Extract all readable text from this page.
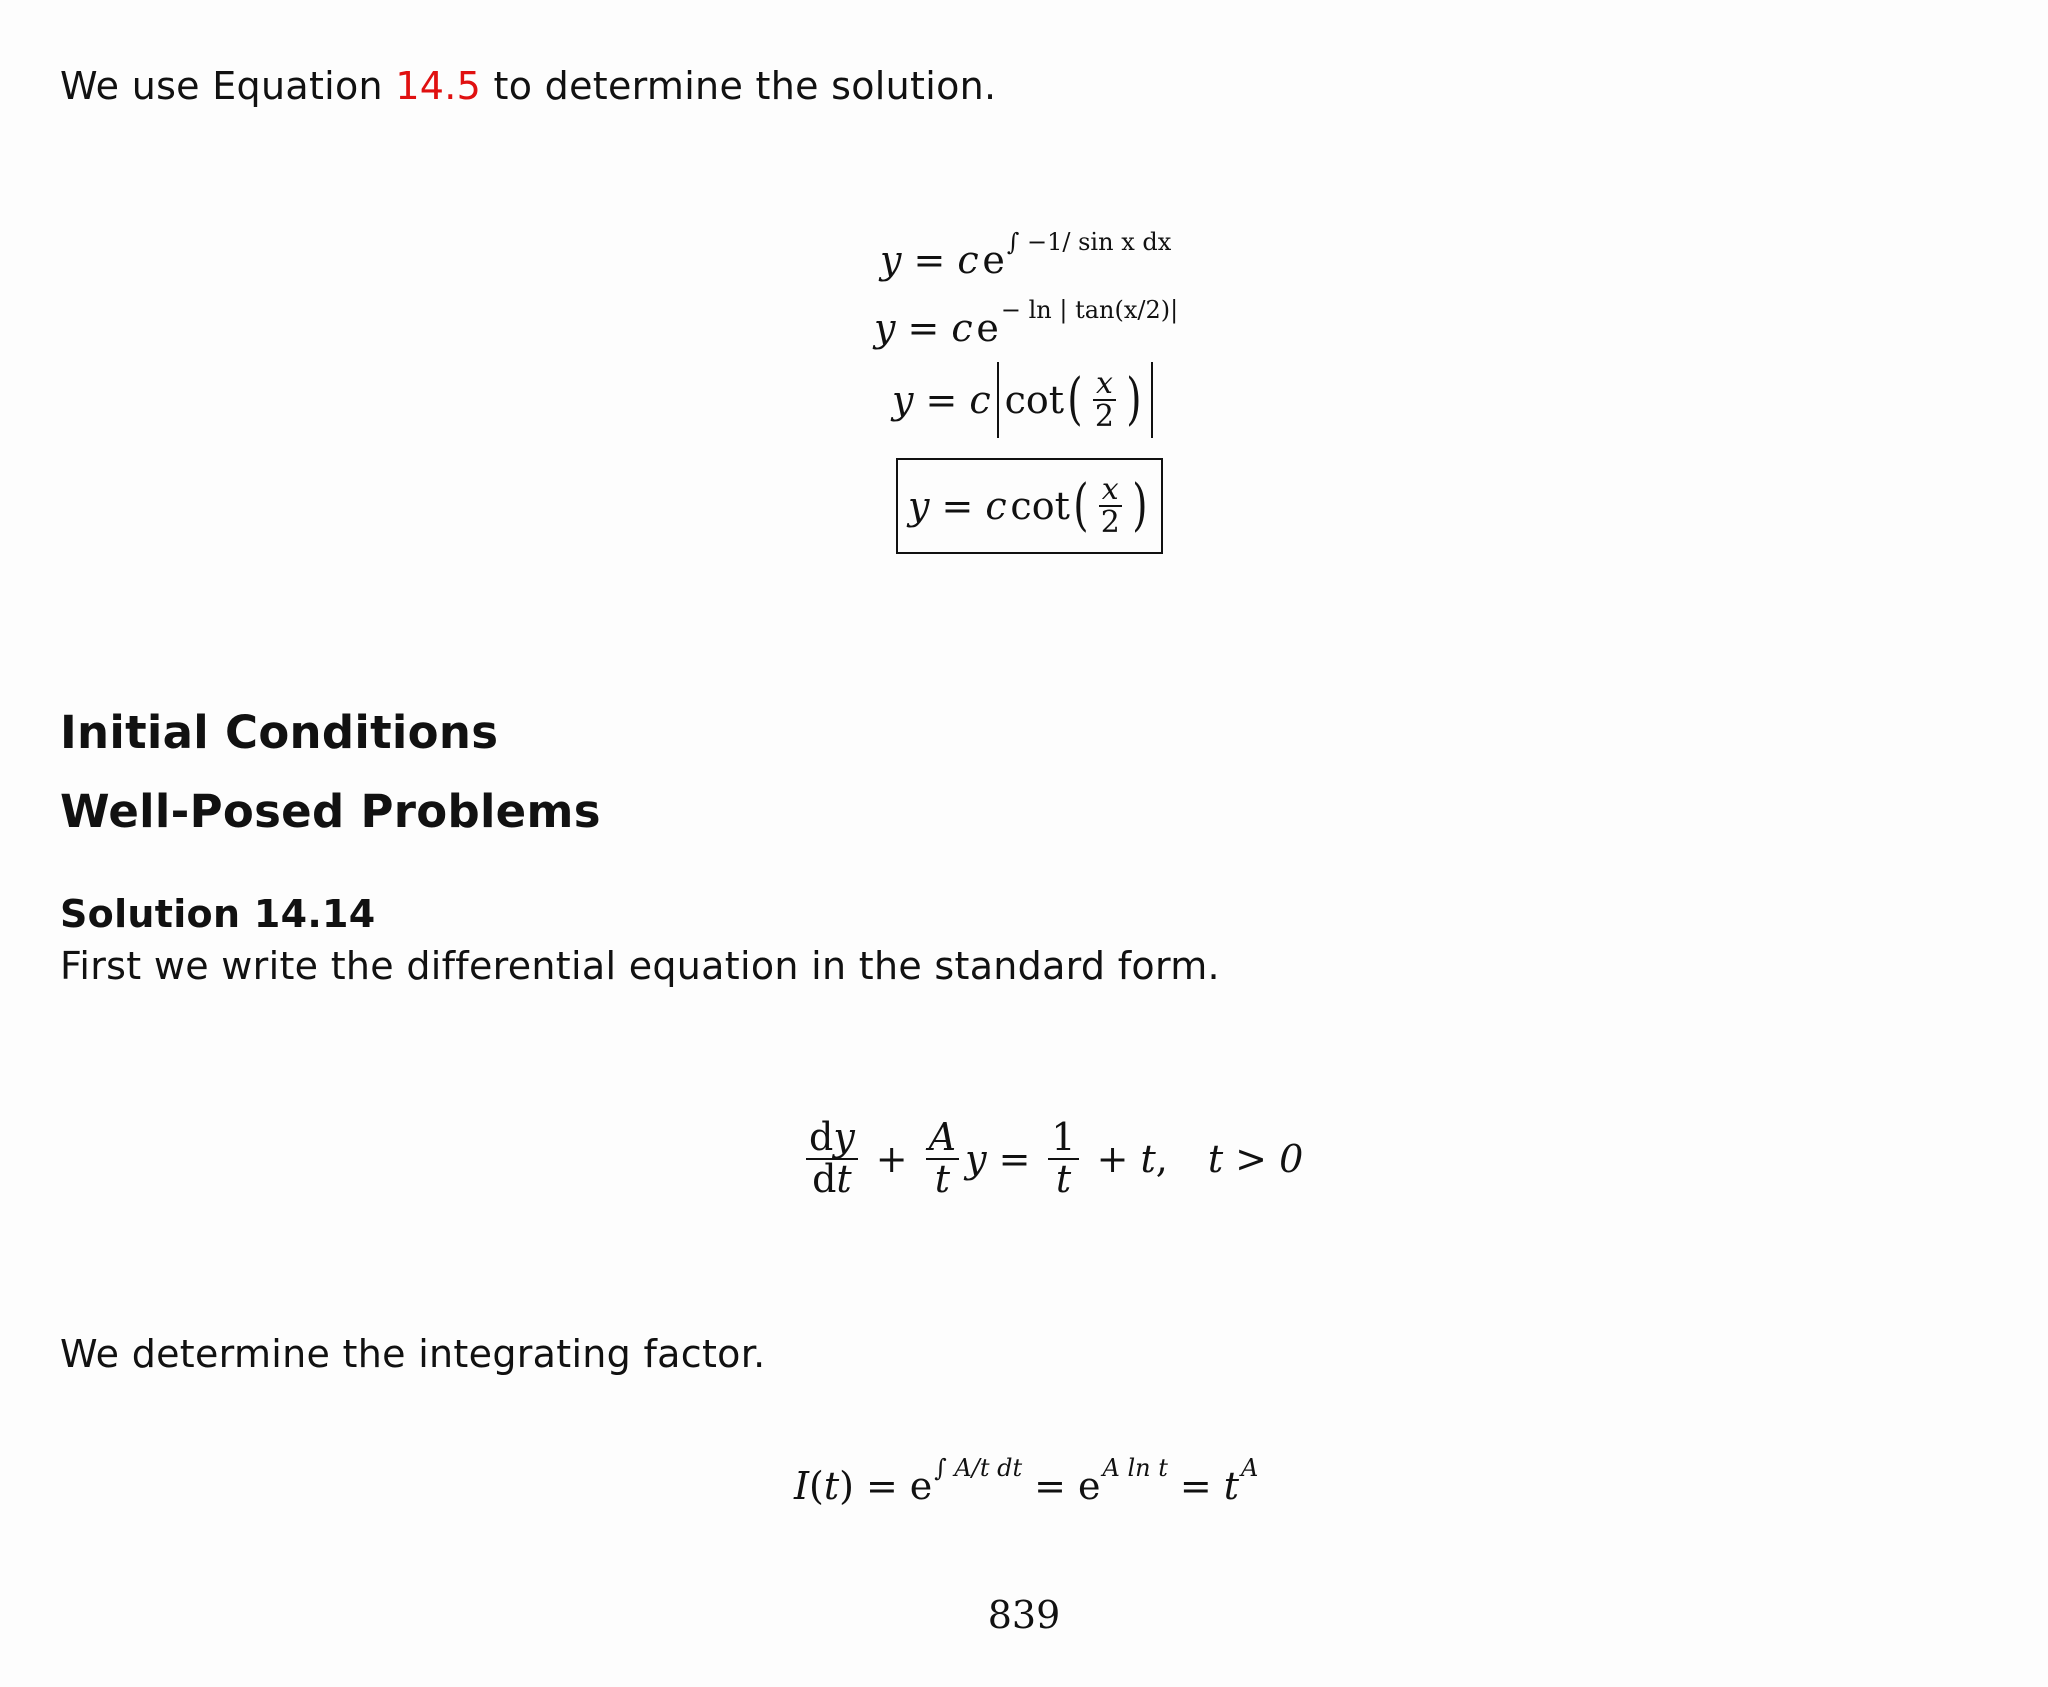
We use Equation 14.5 to determine the solution.
y = c  $e^{\int -1/ sin x dx}$
y = c  $e^{- ln | tan(x/2)|}$
y = c cot ( $\frac{x}{2}$ )
y = c
  cot ( $\frac{x}{2}$ )
Initial Conditions
Well-Posed Problems
Solution 14.14
First we write the differential equation in the standard form.
$\frac{dy}{dt} + \frac{A}{t}$ $y = \frac{1}{t} + t$ , t > 0
We determine the integrating factor.
I ( t ) = $e^{\int A/t dt} = e^{A ln t} = t^A$
839
